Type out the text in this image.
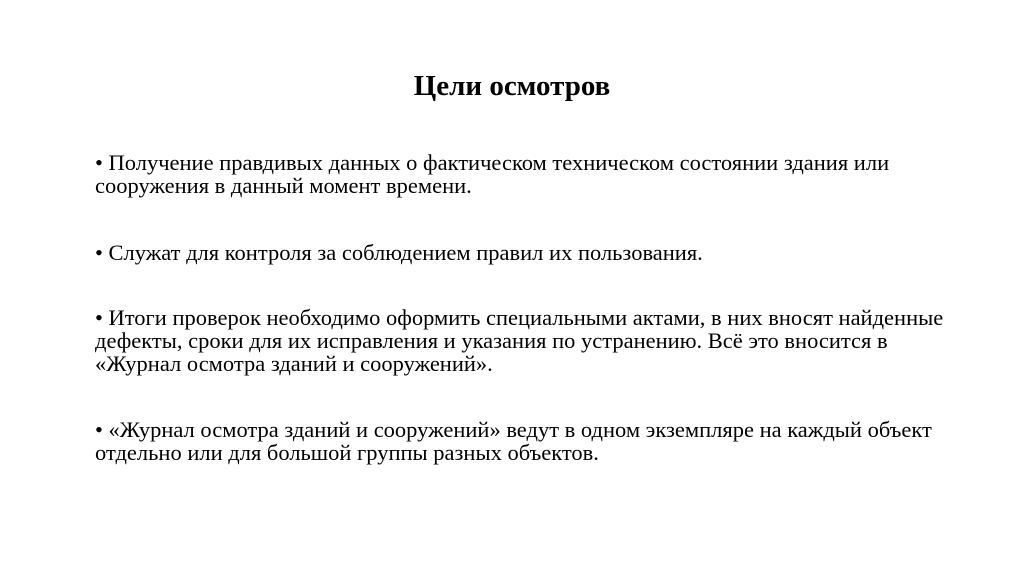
Цели осмотров
• Получение правдивых данных о фактическом техническом состоянии здания или сооружения в данный момент времени.
• Служат для контроля за соблюдением правил их пользования.
• Итоги проверок необходимо оформить специальными актами, в них вносят найденные дефекты, сроки для их исправления и указания по устранению. Всё это вносится в «Журнал осмотра зданий и сооружений».
• «Журнал осмотра зданий и сооружений» ведут в одном экземпляре на каждый объект отдельно или для большой группы разных объектов.
